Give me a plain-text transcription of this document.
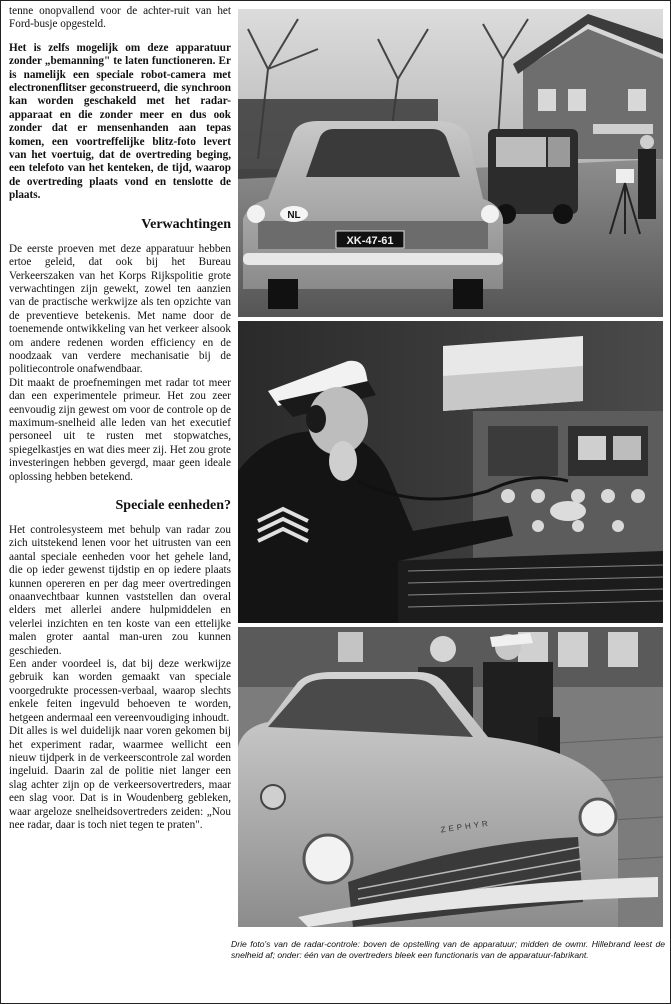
tenne onopvallend voor de achter-ruit van het Ford-busje opgesteld.

Het is zelfs mogelijk om deze apparatuur zonder „bemanning" te laten functioneren. Er is namelijk een speciale robot-camera met electronenflitser geconstrueerd, die synchroon kan worden geschakeld met het radar-apparaat en die zonder meer en dus ook zonder dat er mensenhanden aan tepas komen, een voortreffelijke blitz-foto levert van het voertuig, dat de overtreding beging, een telefoto van het kenteken, de tijd, waarop de overtreding plaats vond en tenslotte de plaats.

Verwachtingen

De eerste proeven met deze apparatuur hebben ertoe geleid, dat ook bij het Bureau Verkeerszaken van het Korps Rijkspolitie grote verwachtingen zijn gewekt, zowel ten aanzien van de practische werkwijze als ten opzichte van de preventieve betekenis. Met name door de toenemende ontwikkeling van het verkeer alsook om andere redenen worden efficiency en de noodzaak van verdere mechanisatie bij de politiecontrole onafwendbaar.

Dit maakt de proefnemingen met radar tot meer dan een experimentele primeur. Het zou zeer eenvoudig zijn gewest om voor de controle op de maximum-snelheid alle leden van het executief personeel uit te rusten met stopwatches, spiegelkastjes en wat dies meer zij. Het zou grote investeringen hebben gevergd, maar geen ideale oplossing hebben betekend.

Speciale eenheden?

Het controlesysteem met behulp van radar zou zich uitstekend lenen voor het uitrusten van een aantal speciale eenheden voor het gehele land, die op ieder gewenst tijdstip en op iedere plaats kunnen opereren en per dag meer overtredingen onaanvechtbaar kunnen vaststellen dan overal elders met allerlei andere hulpmiddelen en velerlei inzichten en ten koste van een ettelijke malen groter aantal man-uren zou kunnen geschieden.

Een ander voordeel is, dat bij deze werkwijze gebruik kan worden gemaakt van speciale voorgedrukte processen-verbaal, waarop slechts enkele feiten ingevuld behoeven te worden, hetgeen andermaal een vereenvoudiging inhoudt.

Dit alles is wel duidelijk naar voren gekomen bij het experiment radar, waarmee wellicht een nieuw tijdperk in de verkeerscontrole zal worden ingeluid. Daarin zal de politie niet langer een slag achter zijn op de verkeersovertreders, maar een slag voor. Dat is in Woudenberg gebleken, waar argeloze snelheidsovertreders zeiden: „Nou nee radar, daar is toch niet tegen te praten".

XK-47-61
NL
ZEPHYR
Drie foto's van de radar-controle: boven de opstelling van de apparatuur; midden de owmr. Hillebrand leest de snelheid af; onder: één van de overtreders bleek een functionaris van de apparatuur-fabrikant.
